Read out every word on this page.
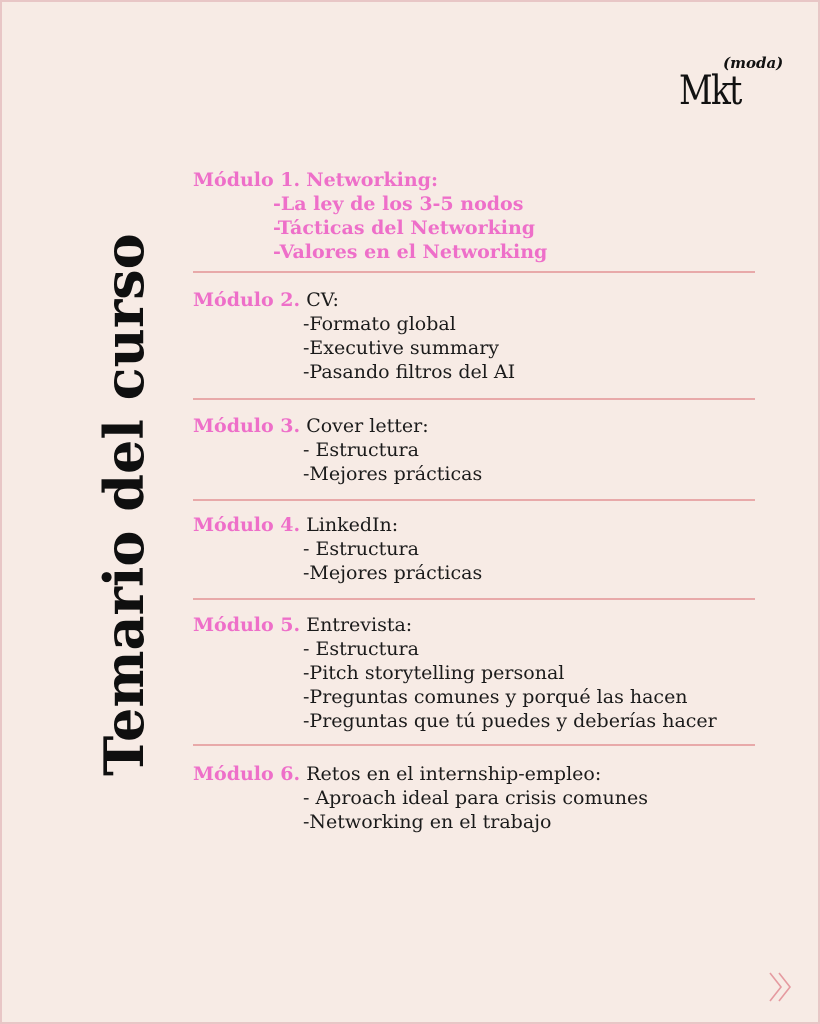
(moda)
Mkt
Temario del curso
Módulo 1. Networking:
-La ley de los 3-5 nodos
-Tácticas del Networking
-Valores en el Networking
Módulo 2. CV:
-Formato global
-Executive summary
-Pasando filtros del AI
Módulo 3. Cover letter:
- Estructura
-Mejores prácticas
Módulo 4. LinkedIn:
- Estructura
-Mejores prácticas
Módulo 5. Entrevista:
- Estructura
-Pitch storytelling personal
-Preguntas comunes y porqué las hacen
-Preguntas que tú puedes y deberías hacer
Módulo 6. Retos en el internship-empleo:
- Aproach ideal para crisis comunes
-Networking en el trabajo
